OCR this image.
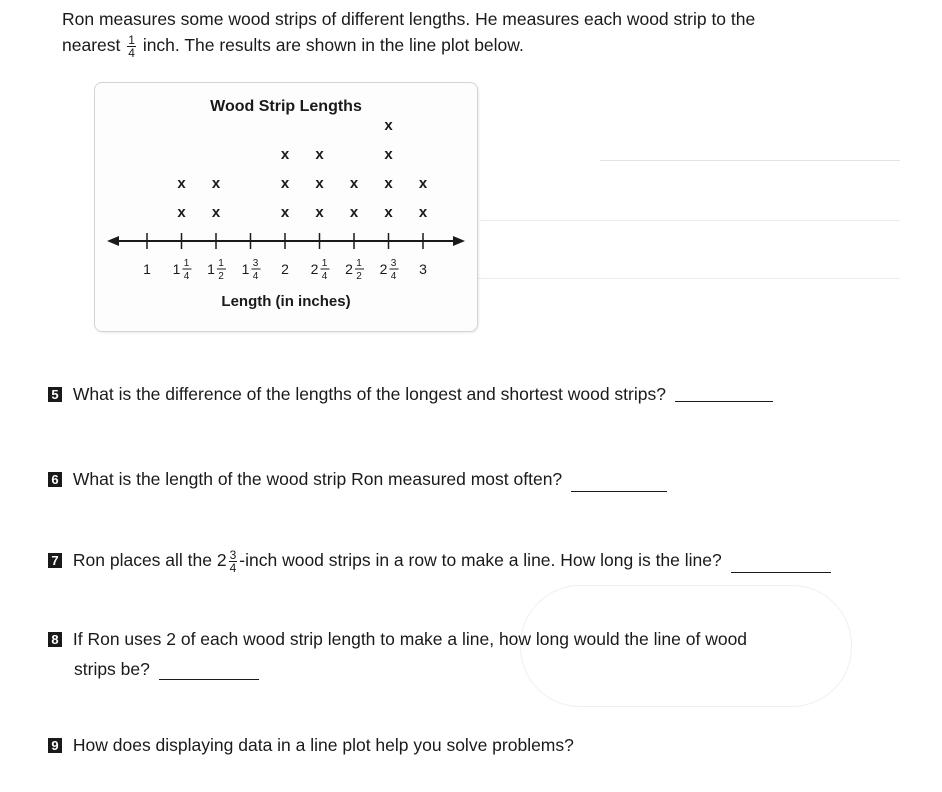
Ron measures some wood strips of different lengths. He measures each wood strip to the
nearest $\frac{1}{4}$ inch. The results are shown in the line plot below.
Wood Strip Lengths
1 1 1
4
x
x
1 1
2
x
x
1 3
4 2
x
x
x
2 1
4
x
x
x
2 1
2
x
x
2 3
4
x
x
x
x
3
x
x
Length (in inches)
5 What is the difference of the lengths of the longest and shortest wood strips?
6 What is the length of the wood strip Ron measured most often?
7 Ron places all the $2 \frac{3}{4}$ -inch wood strips in a row to make a line. How long is the line?
8 If Ron uses 2 of each wood strip length to make a line, how long would the line of wood
strips be?
9 How does displaying data in a line plot help you solve problems?
